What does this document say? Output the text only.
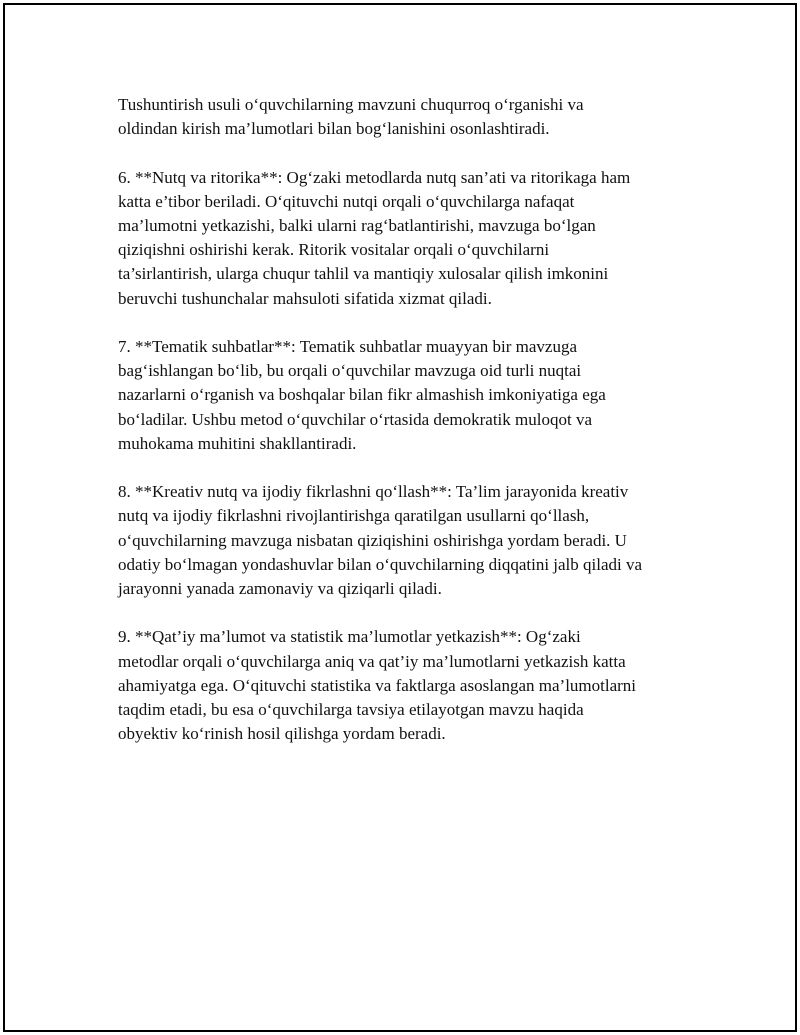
Tushuntirish usuli o‘quvchilarning mavzuni chuqurroq o‘rganishi va
oldindan kirish ma’lumotlari bilan bog‘lanishini osonlashtiradi.

6. **Nutq va ritorika**: Og‘zaki metodlarda nutq san’ati va ritorikaga ham
katta e’tibor beriladi. O‘qituvchi nutqi orqali o‘quvchilarga nafaqat
ma’lumotni yetkazishi, balki ularni rag‘batlantirishi, mavzuga bo‘lgan
qiziqishni oshirishi kerak. Ritorik vositalar orqali o‘quvchilarni
ta’sirlantirish, ularga chuqur tahlil va mantiqiy xulosalar qilish imkonini
beruvchi tushunchalar mahsuloti sifatida xizmat qiladi.

7. **Tematik suhbatlar**: Tematik suhbatlar muayyan bir mavzuga
bag‘ishlangan bo‘lib, bu orqali o‘quvchilar mavzuga oid turli nuqtai
nazarlarni o‘rganish va boshqalar bilan fikr almashish imkoniyatiga ega
bo‘ladilar. Ushbu metod o‘quvchilar o‘rtasida demokratik muloqot va
muhokama muhitini shakllantiradi.

8. **Kreativ nutq va ijodiy fikrlashni qo‘llash**: Ta’lim jarayonida kreativ
nutq va ijodiy fikrlashni rivojlantirishga qaratilgan usullarni qo‘llash,
o‘quvchilarning mavzuga nisbatan qiziqishini oshirishga yordam beradi. U
odatiy bo‘lmagan yondashuvlar bilan o‘quvchilarning diqqatini jalb qiladi va
jarayonni yanada zamonaviy va qiziqarli qiladi.

9. **Qat’iy ma’lumot va statistik ma’lumotlar yetkazish**: Og‘zaki
metodlar orqali o‘quvchilarga aniq va qat’iy ma’lumotlarni yetkazish katta
ahamiyatga ega. O‘qituvchi statistika va faktlarga asoslangan ma’lumotlarni
taqdim etadi, bu esa o‘quvchilarga tavsiya etilayotgan mavzu haqida
obyektiv ko‘rinish hosil qilishga yordam beradi.
